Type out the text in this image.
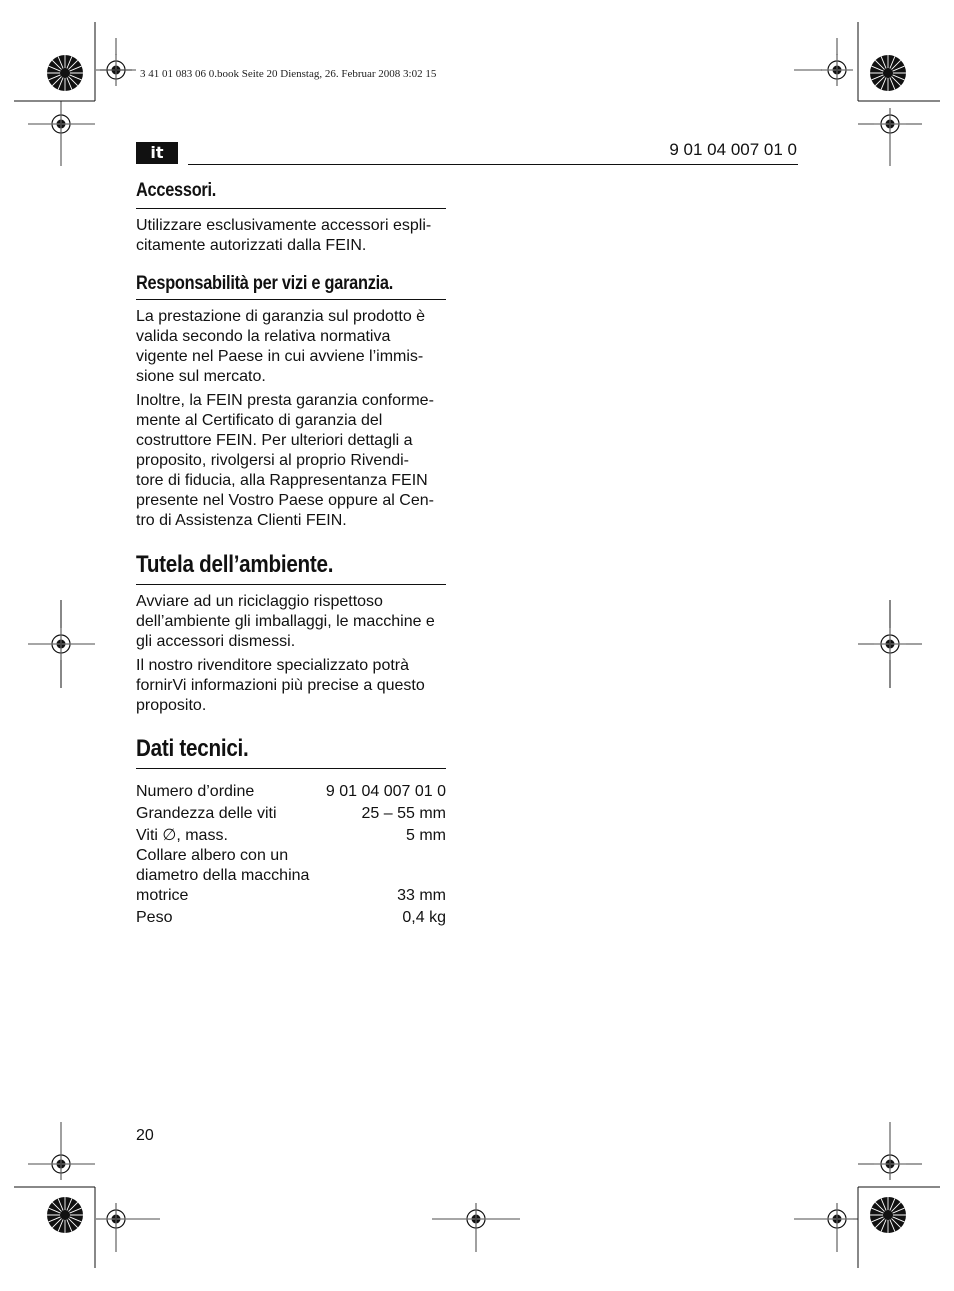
3 41 01 083 06 0.book Seite 20 Dienstag, 26. Februar 2008 3:02 15
it	9 01 04 007 01 0
Accessori.

Utilizzare esclusivamente accessori espli-
citamente autorizzati dalla FEIN.

Responsabilità per vizi e garanzia.

La prestazione di garanzia sul prodotto è
valida secondo la relativa normativa
vigente nel Paese in cui avviene l’immis-
sione sul mercato.

Inoltre, la FEIN presta garanzia conforme-
mente al Certificato di garanzia del
costruttore FEIN. Per ulteriori dettagli a
proposito, rivolgersi al proprio Rivendi-
tore di fiducia, alla Rappresentanza FEIN
presente nel Vostro Paese oppure al Cen-
tro di Assistenza Clienti FEIN.

Tutela dell’ambiente.

Avviare ad un riciclaggio rispettoso
dell’ambiente gli imballaggi, le macchine e
gli accessori dismessi.

Il nostro rivenditore specializzato potrà
fornirVi informazioni più precise a questo
proposito.

Dati tecnici.
Numero d’ordine	9 01 04 007 01 0
Grandezza delle viti	25 – 55 mm
Viti ∅, mass.	5 mm
Collare albero con un
diametro della macchina
motrice	33 mm
Peso	0,4 kg
20
